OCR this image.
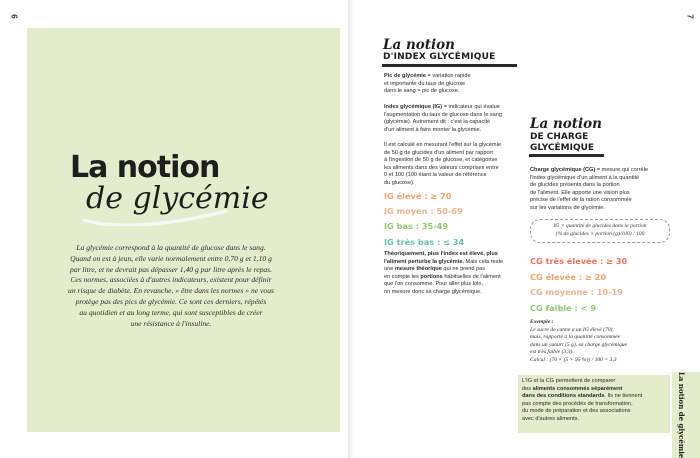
6	7
La notion
de glycémie
La glycémie correspond à la quantité de glucose dans le sang.
Quand on est à jeun, elle varie normalement entre 0,70 g et 1,10 g
par litre, et ne devrait pas dépasser 1,40 g par litre après le repas.
Ces normes, associées à d'autres indicateurs, existent pour définir
un risque de diabète. En revanche, « être dans les normes » ne vous
protège pas des pics de glycémie. Ce sont ces derniers, répétés
au quotidien et au long terme, qui sont susceptibles de créer
une résistance à l'insuline.
La notion
D'INDEX GLYCÉMIQUE
Pic de glycémie = variation rapide
et importante du taux de glucose
dans le sang = pic de glucose.
Index glycémique (IG) = indicateur qui évalue
l'augmentation du taux de glucose dans le sang
(glycémie). Autrement dit : c'est la capacité
d'un aliment à faire monter la glycémie.
Il est calculé en mesurant l'effet sur la glycémie
de 50 g de glucides d'un aliment par rapport
à l'ingestion de 50 g de glucose, et catégorise
les aliments dans des valeurs comprises entre
0 et 100 (100 étant la valeur de référence
du glucose).
IG élevé : ≥ 70
IG moyen : 50-69
IG bas : 35-49
IG très bas : ≤ 34
Théoriquement, plus l'index est élevé, plus
l'aliment perturbe la glycémie. Mais cela reste
une mesure théorique qui ne prend pas
en compte les portions habituelles de l'aliment
que l'on consomme. Pour aller plus loin,
on mesure donc sa charge glycémique.
La notion
DE CHARGE
GLYCÉMIQUE
Charge glycémique (CG) = mesure qui corrèle
l'index glycémique d'un aliment à la quantité
de glucides présents dans la portion
de l'aliment. Elle apporte une vision plus
précise de l'effet de la ration consommée
sur les variations de glycémie.
IG × quantité de glucides dans la portion
(% de glucides × portion (g)/100) / 100
CG très élevée : ≥ 30
CG élevée : ≥ 20
CG moyenne : 10-19
CG faible : < 9
Exemple :
Le sucre de canne a un IG élevé (70),
mais, rapporté à la quantité consommée
dans un yaourt (5 g), sa charge glycémique
est très faible (3,3).
Calcul : (70 × (5 × 95 %)) / 100 = 3,3
L'IG et la CG permettent de comparer
des aliments consommés séparément
dans des conditions standards. Ils ne tiennent
pas compte des procédés de transformation,
du mode de préparation et des associations
avec d'autres aliments.	La notion de glycémie
